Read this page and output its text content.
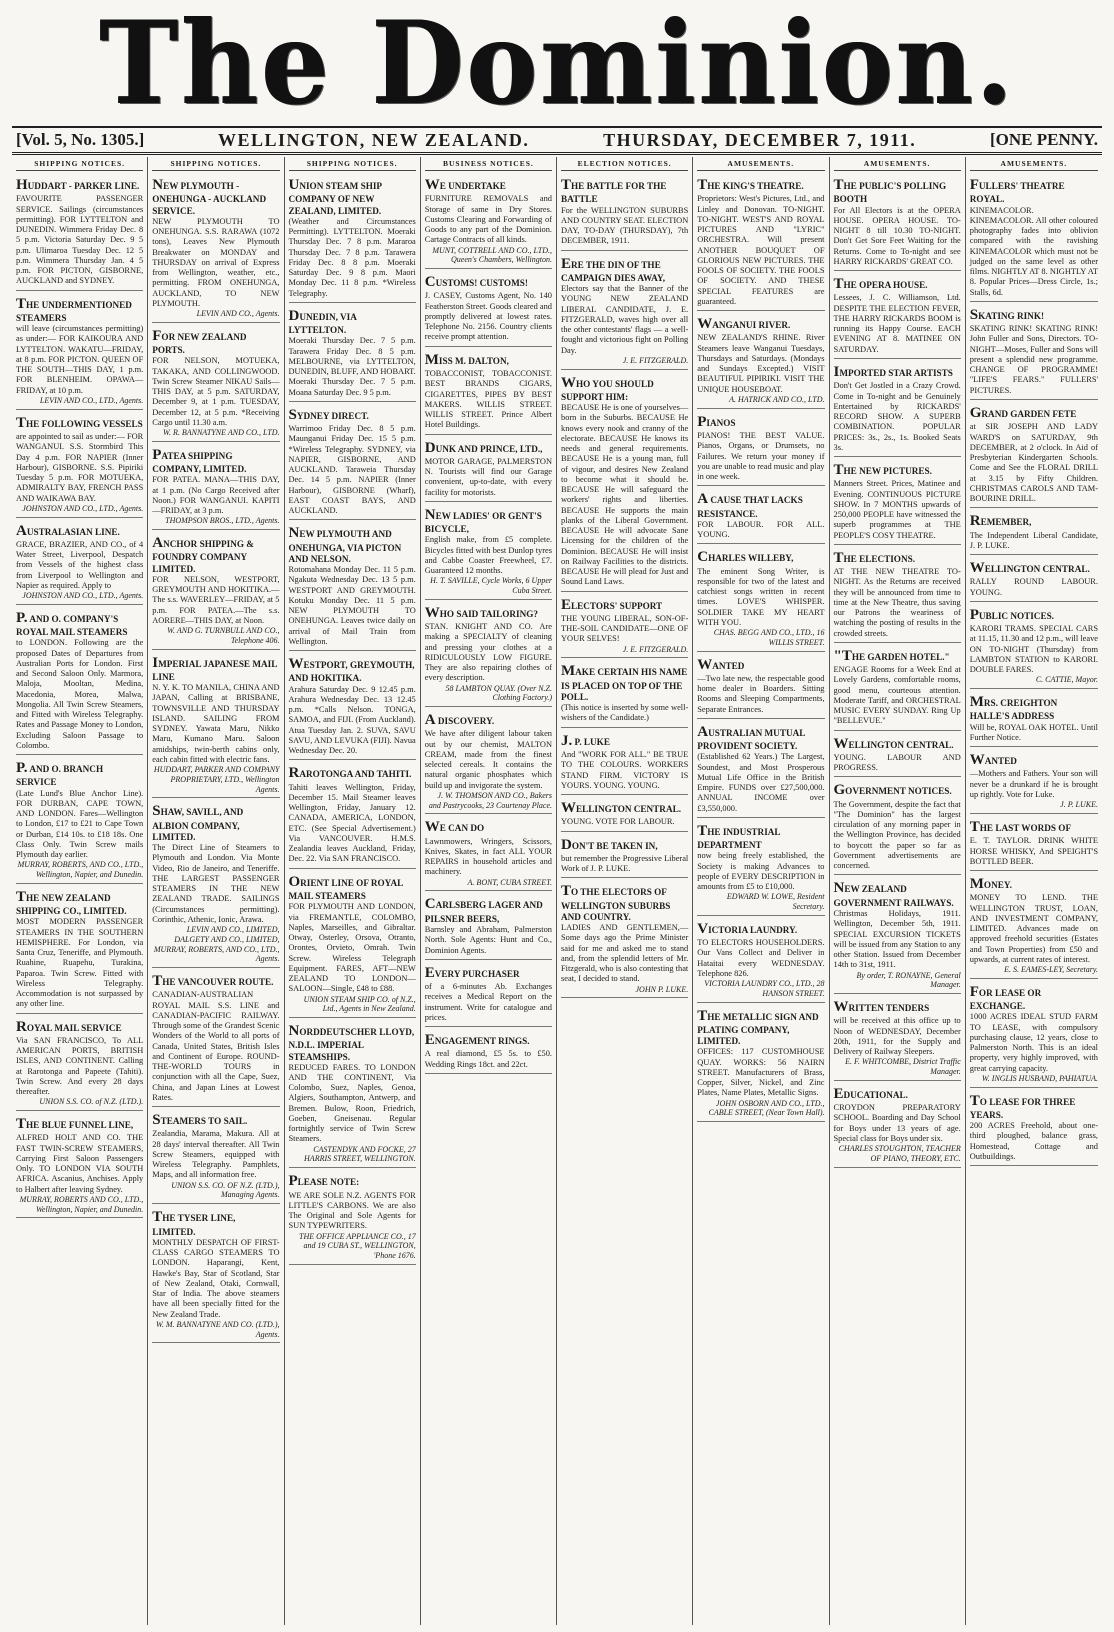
The Dominion.
[Vol. 5, No. 1305.]	WELLINGTON, NEW ZEALAND.	THURSDAY, DECEMBER 7, 1911.	[ONE PENNY.
SHIPPING NOTICES.
HUDDART - PARKER LINE.
FAVOURITE PASSENGER SERVICE. Sailings (circumstances permitting). FOR LYTTELTON and DUNEDIN. Wimmera Friday Dec. 8 5 p.m. Victoria Saturday Dec. 9 5 p.m. Ulimaroa Tuesday Dec. 12 5 p.m. Wimmera Thursday Jan. 4 5 p.m. FOR PICTON, GISBORNE, AUCKLAND and SYDNEY.
THE UNDERMENTIONED STEAMERS
will leave (circumstances permitting) as under:— FOR KAIKOURA AND LYTTELTON. WAKATU—FRIDAY, at 8 p.m. FOR PICTON. QUEEN OF THE SOUTH—THIS DAY, 1 p.m. FOR BLENHEIM. OPAWA—FRIDAY, at 10 p.m.
LEVIN AND CO., LTD., Agents.
THE FOLLOWING VESSELS
are appointed to sail as under:— FOR WANGANUI. S.S. Stormbird This Day 4 p.m. FOR NAPIER (Inner Harbour), GISBORNE. S.S. Pipiriki Tuesday 5 p.m. FOR MOTUEKA, ADMIRALTY BAY, FRENCH PASS AND WAIKAWA BAY.
JOHNSTON AND CO., LTD., Agents.
AUSTRALASIAN LINE.
GRACE, BRAZIER, AND CO., of 4 Water Street, Liverpool, Despatch from Vessels of the highest class from Liverpool to Wellington and Napier as required. Apply to
JOHNSTON AND CO., LTD., Agents.
P. AND O. COMPANY'S ROYAL MAIL STEAMERS
to LONDON. Following are the proposed Dates of Departures from Australian Ports for London. First and Second Saloon Only. Marmora, Maloja, Mooltan, Medina, Macedonia, Morea, Malwa, Mongolia. All Twin Screw Steamers, and Fitted with Wireless Telegraphy. Rates and Passage Money to London, Excluding Saloon Passage to Colombo.
P. AND O. BRANCH SERVICE
(Late Lund's Blue Anchor Line). FOR DURBAN, CAPE TOWN, AND LONDON. Fares—Wellington to London, £17 to £21 to Cape Town or Durban, £14 10s. to £18 18s. One Class Only. Twin Screw mails Plymouth day earlier.
MURRAY, ROBERTS, AND CO., LTD., Wellington, Napier, and Dunedin.
THE NEW ZEALAND SHIPPING CO., LIMITED.
MOST MODERN PASSENGER STEAMERS IN THE SOUTHERN HEMISPHERE. For London, via Santa Cruz, Teneriffe, and Plymouth. Ruahine, Ruapehu, Turakina, Paparoa. Twin Screw. Fitted with Wireless Telegraphy. Accommodation is not surpassed by any other line.
ROYAL MAIL SERVICE
Via SAN FRANCISCO, To ALL AMERICAN PORTS, BRITISH ISLES, AND CONTINENT. Calling at Rarotonga and Papeete (Tahiti). Twin Screw. And every 28 days thereafter.
UNION S.S. CO. of N.Z. (LTD.).
THE BLUE FUNNEL LINE,
ALFRED HOLT AND CO. THE FAST TWIN-SCREW STEAMERS, Carrying First Saloon Passengers Only. TO LONDON VIA SOUTH AFRICA. Ascanius, Anchises. Apply to Halbert after leaving Sydney.
MURRAY, ROBERTS AND CO., LTD., Wellington, Napier, and Dunedin.
SHIPPING NOTICES.
NEW PLYMOUTH - ONEHUNGA - AUCKLAND SERVICE.
NEW PLYMOUTH TO ONEHUNGA. S.S. RARAWA (1072 tons), Leaves New Plymouth Breakwater on MONDAY and THURSDAY on arrival of Express from Wellington, weather, etc., permitting. FROM ONEHUNGA, AUCKLAND, TO NEW PLYMOUTH.
LEVIN AND CO., Agents.
FOR NEW ZEALAND PORTS.
FOR NELSON, MOTUEKA, TAKAKA, AND COLLINGWOOD. Twin Screw Steamer NIKAU Sails— THIS DAY, at 5 p.m. SATURDAY, December 9, at 1 p.m. TUESDAY, December 12, at 5 p.m. *Receiving Cargo until 11.30 a.m.
W. R. BANNATYNE AND CO., LTD.
PATEA SHIPPING COMPANY, LIMITED.
FOR PATEA. MANA—THIS DAY, at 1 p.m. (No Cargo Received after Noon.) FOR WANGANUI. KAPITI—FRIDAY, at 3 p.m.
THOMPSON BROS., LTD., Agents.
ANCHOR SHIPPING & FOUNDRY COMPANY LIMITED.
FOR NELSON, WESTPORT, GREYMOUTH AND HOKITIKA.—The s.s. WAVERLEY—FRIDAY, at 5 p.m. FOR PATEA.—The s.s. AORERE—THIS DAY, at Noon.
W. AND G. TURNBULL AND CO., Telephone 406.
IMPERIAL JAPANESE MAIL LINE
N. Y. K. TO MANILA, CHINA AND JAPAN, Calling at BRISBANE, TOWNSVILLE AND THURSDAY ISLAND. SAILING FROM SYDNEY. Yawata Maru, Nikko Maru, Kumano Maru. Saloon amidships, twin-berth cabins only, each cabin fitted with electric fans.
HUDDART, PARKER AND COMPANY PROPRIETARY, LTD., Wellington Agents.
SHAW, SAVILL, AND ALBION COMPANY, LIMITED.
The Direct Line of Steamers to Plymouth and London. Via Monte Video, Rio de Janeiro, and Teneriffe. THE LARGEST PASSENGER STEAMERS IN THE NEW ZEALAND TRADE. SAILINGS (Circumstances permitting). Corinthic, Athenic, Ionic, Arawa.
LEVIN AND CO., LIMITED, DALGETY AND CO., LIMITED, MURRAY, ROBERTS, AND CO., LTD., Agents.
THE VANCOUVER ROUTE.
CANADIAN-AUSTRALIAN ROYAL MAIL S.S. LINE and CANADIAN-PACIFIC RAILWAY. Through some of the Grandest Scenic Wonders of the World to all ports of Canada, United States, British Isles and Continent of Europe. ROUND-THE-WORLD TOURS in conjunction with all the Cape, Suez, China, and Japan Lines at Lowest Rates.
STEAMERS TO SAIL.
Zealandia, Marama, Makura. All at 28 days' interval thereafter. All Twin Screw Steamers, equipped with Wireless Telegraphy. Pamphlets, Maps, and all information free.
UNION S.S. CO. OF N.Z. (LTD.), Managing Agents.
THE TYSER LINE, LIMITED.
MONTHLY DESPATCH OF FIRST-CLASS CARGO STEAMERS TO LONDON. Haparangi, Kent, Hawke's Bay, Star of Scotland, Star of New Zealand, Otaki, Cornwall, Star of India. The above steamers have all been specially fitted for the New Zealand Trade.
W. M. BANNATYNE AND CO. (LTD.), Agents.
SHIPPING NOTICES.
UNION STEAM SHIP COMPANY OF NEW ZEALAND, LIMITED.
(Weather and Circumstances Permitting). LYTTELTON. Moeraki Thursday Dec. 7 8 p.m. Mararoa Thursday Dec. 7 8 p.m. Tarawera Friday Dec. 8 8 p.m. Moeraki Saturday Dec. 9 8 p.m. Maori Monday Dec. 11 8 p.m. *Wireless Telegraphy.
DUNEDIN, VIA LYTTELTON.
Moeraki Thursday Dec. 7 5 p.m. Tarawera Friday Dec. 8 5 p.m. MELBOURNE, via LYTTELTON, DUNEDIN, BLUFF, AND HOBART. Moeraki Thursday Dec. 7 5 p.m. Moana Saturday Dec. 9 5 p.m.
SYDNEY DIRECT.
Warrimoo Friday Dec. 8 5 p.m. Maunganui Friday Dec. 15 5 p.m. *Wireless Telegraphy. SYDNEY, via NAPIER, GISBORNE, AND AUCKLAND. Taraweia Thursday Dec. 14 5 p.m. NAPIER (Inner Harbour), GISBORNE (Wharf), EAST COAST BAYS, AND AUCKLAND.
NEW PLYMOUTH AND ONEHUNGA, VIA PICTON AND NELSON.
Rotomahana Monday Dec. 11 5 p.m. Ngakuta Wednesday Dec. 13 5 p.m. WESTPORT AND GREYMOUTH. Kotuku Monday Dec. 11 5 p.m. NEW PLYMOUTH TO ONEHUNGA. Leaves twice daily on arrival of Mail Train from Wellington.
WESTPORT, GREYMOUTH, AND HOKITIKA.
Arahura Saturday Dec. 9 12.45 p.m. Arahura Wednesday Dec. 13 12.45 p.m. *Calls Nelson. TONGA, SAMOA, and FIJI. (From Auckland). Atua Tuesday Jan. 2. SUVA, SAVU SAVU, AND LEVUKA (FIJI). Navua Wednesday Dec. 20.
RAROTONGA AND TAHITI.
Tahiti leaves Wellington, Friday, December 15. Mail Steamer leaves Wellington, Friday, January 12. CANADA, AMERICA, LONDON, ETC. (See Special Advertisement.) Via VANCOUVER. H.M.S. Zealandia leaves Auckland, Friday, Dec. 22. Via SAN FRANCISCO.
ORIENT LINE OF ROYAL MAIL STEAMERS
FOR PLYMOUTH AND LONDON, via FREMANTLE, COLOMBO, Naples, Marseilles, and Gibraltar. Otway, Osterley, Orsova, Otranto, Orontes, Orvieto, Omrah. Twin Screw. Wireless Telegraph Equipment. FARES, AFT—NEW ZEALAND TO LONDON—SALOON—Single, £48 to £88.
UNION STEAM SHIP CO. of N.Z., Ltd., Agents in New Zealand.
NORDDEUTSCHER LLOYD, N.D.L. IMPERIAL STEAMSHIPS.
REDUCED FARES. TO LONDON AND THE CONTINENT, Via Colombo, Suez, Naples, Genoa, Algiers, Southampton, Antwerp, and Bremen. Bulow, Roon, Friedrich, Goeben, Gneisenau. Regular fortnightly service of Twin Screw Steamers.
CASTENDYK AND FOCKE, 27 HARRIS STREET, WELLINGTON.
PLEASE NOTE:
WE ARE SOLE N.Z. AGENTS FOR LITTLE'S CARBONS. We are also The Original and Sole Agents for SUN TYPEWRITERS.
THE OFFICE APPLIANCE CO., 17 and 19 CUBA ST., WELLINGTON, 'Phone 1676.
BUSINESS NOTICES.
WE UNDERTAKE
FURNITURE REMOVALS and Storage of same in Dry Stores. Customs Clearing and Forwarding of Goods to any part of the Dominion. Cartage Contracts of all kinds.
MUNT, COTTRELL AND CO., LTD., Queen's Chambers, Wellington.
CUSTOMS! CUSTOMS!
J. CASEY, Customs Agent, No. 140 Featherston Street. Goods cleared and promptly delivered at lowest rates. Telephone No. 2156. Country clients receive prompt attention.
MISS M. DALTON,
TOBACCONIST, TOBACCONIST. BEST BRANDS CIGARS, CIGARETTES, PIPES BY BEST MAKERS. WILLIS STREET. WILLIS STREET. Prince Albert Hotel Buildings.
DUNK AND PRINCE, LTD.,
MOTOR GARAGE, PALMERSTON N. Tourists will find our Garage convenient, up-to-date, with every facility for motorists.
NEW LADIES' OR GENT'S BICYCLE,
English make, from £5 complete. Bicycles fitted with best Dunlop tyres and Cabbe Coaster Freewheel, £7. Guaranteed 12 months.
H. T. SAVILLE, Cycle Works, 6 Upper Cuba Street.
WHO SAID TAILORING?
STAN. KNIGHT AND CO. Are making a SPECIALTY of cleaning and pressing your clothes at a RIDICULOUSLY LOW FIGURE. They are also repairing clothes of every description.
58 LAMBTON QUAY. (Over N.Z. Clothing Factory.)
A DISCOVERY.
We have after diligent labour taken out by our chemist, MALTON CREAM, made from the finest selected cereals. It contains the natural organic phosphates which build up and invigorate the system.
J. W. THOMSON AND CO., Bakers and Pastrycooks, 23 Courtenay Place.
WE CAN DO
Lawnmowers, Wringers, Scissors, Knives, Skates, in fact ALL YOUR REPAIRS in household articles and machinery.
A. BONT, CUBA STREET.
CARLSBERG LAGER AND PILSNER BEERS,
Barnsley and Abraham, Palmerston North. Sole Agents: Hunt and Co., Dominion Agents.
EVERY PURCHASER
of a 6-minutes Ab. Exchanges receives a Medical Report on the instrument. Write for catalogue and prices.
ENGAGEMENT RINGS.
A real diamond, £5 5s. to £50. Wedding Rings 18ct. and 22ct.
ELECTION NOTICES.
THE BATTLE FOR THE BATTLE
For the WELLINGTON SUBURBS AND COUNTRY SEAT. ELECTION DAY, TO-DAY (THURSDAY), 7th DECEMBER, 1911.
ERE THE DIN OF THE CAMPAIGN DIES AWAY,
Electors say that the Banner of the YOUNG NEW ZEALAND LIBERAL CANDIDATE, J. E. FITZGERALD, waves high over all the other contestants' flags — a well-fought and victorious fight on Polling Day.
J. E. FITZGERALD.
WHO YOU SHOULD SUPPORT HIM:
BECAUSE He is one of yourselves—born in the Suburbs. BECAUSE He knows every nook and cranny of the electorate. BECAUSE He knows its needs and general requirements. BECAUSE He is a young man, full of vigour, and desires New Zealand to become what it should be. BECAUSE He will safeguard the workers' rights and liberties. BECAUSE He supports the main planks of the Liberal Government. BECAUSE He will advocate Sane Licensing for the children of the Dominion. BECAUSE He will insist on Railway Facilities to the districts. BECAUSE He will plead for Just and Sound Land Laws.
ELECTORS' SUPPORT
THE YOUNG LIBERAL, SON-OF-THE-SOIL CANDIDATE—ONE OF YOUR SELVES!
J. E. FITZGERALD.
MAKE CERTAIN HIS NAME IS PLACED ON TOP OF THE POLL.
(This notice is inserted by some well-wishers of the Candidate.)
J. P. LUKE
And "WORK FOR ALL." BE TRUE TO THE COLOURS. WORKERS STAND FIRM. VICTORY IS YOURS. YOUNG. YOUNG.
WELLINGTON CENTRAL.
YOUNG. VOTE FOR LABOUR.
DON'T BE TAKEN IN,
but remember the Progressive Liberal Work of J. P. LUKE.
TO THE ELECTORS OF WELLINGTON SUBURBS AND COUNTRY.
LADIES AND GENTLEMEN,— Some days ago the Prime Minister said for me and asked me to stand and, from the splendid letters of Mr. Fitzgerald, who is also contesting that seat, I decided to stand.
JOHN P. LUKE.
AMUSEMENTS.
THE KING'S THEATRE.
Proprietors: West's Pictures, Ltd., and Linley and Donovan. TO-NIGHT. TO-NIGHT. WEST'S AND ROYAL PICTURES AND "LYRIC" ORCHESTRA. Will present ANOTHER BOUQUET OF GLORIOUS NEW PICTURES. THE FOOLS OF SOCIETY. THE FOOLS OF SOCIETY. AND THESE SPECIAL FEATURES are guaranteed.
WANGANUI RIVER.
NEW ZEALAND'S RHINE. River Steamers leave Wanganui Tuesdays, Thursdays and Saturdays. (Mondays and Sundays Excepted.) VISIT BEAUTIFUL PIPIRIKI. VISIT THE UNIQUE HOUSEBOAT.
A. HATRICK AND CO., LTD.
PIANOS
PIANOS! THE BEST VALUE. Pianos, Organs, or Drumsets, no Failures. We return your money if you are unable to read music and play in one week.
A CAUSE THAT LACKS RESISTANCE.
FOR LABOUR. FOR ALL. YOUNG.
CHARLES WILLEBY,
The eminent Song Writer, is responsible for two of the latest and catchiest songs written in recent times. LOVE'S WHISPER. SOLDIER TAKE MY HEART WITH YOU.
CHAS. BEGG AND CO., LTD., 16 WILLIS STREET.
WANTED
—Two late new, the respectable good home dealer in Boarders. Sitting Rooms and Sleeping Compartments, Separate Entrances.
AUSTRALIAN MUTUAL PROVIDENT SOCIETY.
(Established 62 Years.) The Largest, Soundest, and Most Prosperous Mutual Life Office in the British Empire. FUNDS over £27,500,000. ANNUAL INCOME over £3,550,000.
THE INDUSTRIAL DEPARTMENT
now being freely established, the Society is making Advances to people of EVERY DESCRIPTION in amounts from £5 to £10,000.
EDWARD W. LOWE, Resident Secretary.
VICTORIA LAUNDRY.
TO ELECTORS HOUSEHOLDERS. Our Vans Collect and Deliver in Hataitai every WEDNESDAY. Telephone 826.
VICTORIA LAUNDRY CO., LTD., 28 HANSON STREET.
THE METALLIC SIGN AND PLATING COMPANY, LIMITED.
OFFICES: 117 CUSTOMHOUSE QUAY. WORKS: 56 NAIRN STREET. Manufacturers of Brass, Copper, Silver, Nickel, and Zinc Plates, Name Plates, Metallic Signs.
JOHN OSBORN AND CO., LTD., CABLE STREET, (Near Town Hall).
AMUSEMENTS.
THE PUBLIC'S POLLING BOOTH
For All Electors is at the OPERA HOUSE. OPERA HOUSE. TO-NIGHT 8 till 10.30 TO-NIGHT. Don't Get Sore Feet Waiting for the Returns. Come to To-night and see HARRY RICKARDS' GREAT CO.
THE OPERA HOUSE.
Lessees, J. C. Williamson, Ltd. DESPITE THE ELECTION FEVER, THE HARRY RICKARDS BOOM is running its Happy Course. EACH EVENING AT 8. MATINEE ON SATURDAY.
IMPORTED STAR ARTISTS
Don't Get Jostled in a Crazy Crowd. Come in To-night and be Genuinely Entertained by RICKARDS' RECORD SHOW. A SUPERB COMBINATION. POPULAR PRICES: 3s., 2s., 1s. Booked Seats 3s.
THE NEW PICTURES.
Manners Street. Prices, Matinee and Evening. CONTINUOUS PICTURE SHOW. In 7 MONTHS upwards of 250,000 PEOPLE have witnessed the superb programmes at THE PEOPLE'S COSY THEATRE.
THE ELECTIONS.
AT THE NEW THEATRE TO-NIGHT. As the Returns are received they will be announced from time to time at the New Theatre, thus saving our Patrons the weariness of watching the posting of results in the crowded streets.
"THE GARDEN HOTEL."
ENGAGE Rooms for a Week End at Lovely Gardens, comfortable rooms, good menu, courteous attention. Moderate Tariff, and ORCHESTRAL MUSIC EVERY SUNDAY. Ring Up "BELLEVUE."
WELLINGTON CENTRAL.
YOUNG. LABOUR AND PROGRESS.
GOVERNMENT NOTICES.
The Government, despite the fact that "The Dominion" has the largest circulation of any morning paper in the Wellington Province, has decided to boycott the paper so far as Government advertisements are concerned.
NEW ZEALAND GOVERNMENT RAILWAYS.
Christmas Holidays, 1911. Wellington, December 5th, 1911. SPECIAL EXCURSION TICKETS will be issued from any Station to any other Station. Issued from December 14th to 31st, 1911.
By order, T. RONAYNE, General Manager.
WRITTEN TENDERS
will be received at this office up to Noon of WEDNESDAY, December 20th, 1911, for the Supply and Delivery of Railway Sleepers.
E. F. WHITCOMBE, District Traffic Manager.
EDUCATIONAL.
CROYDON PREPARATORY SCHOOL. Boarding and Day School for Boys under 13 years of age. Special class for Boys under six.
CHARLES STOUGHTON, TEACHER OF PIANO, THEORY, ETC.
AMUSEMENTS.
FULLERS' THEATRE ROYAL.
KINEMACOLOR. KINEMACOLOR. All other coloured photography fades into oblivion compared with the ravishing KINEMACOLOR which must not be judged on the same level as other films. NIGHTLY AT 8. NIGHTLY AT 8. Popular Prices—Dress Circle, 1s.; Stalls, 6d.
SKATING RINK!
SKATING RINK! SKATING RINK! John Fuller and Sons, Directors. TO-NIGHT—Moses, Fuller and Sons will present a splendid new programme. CHANGE OF PROGRAMME! "LIFE'S FEARS." FULLERS' PICTURES.
GRAND GARDEN FETE
at SIR JOSEPH AND LADY WARD'S on SATURDAY, 9th DECEMBER, at 2 o'clock. In Aid of Presbyterian Kindergarten Schools. Come and See the FLORAL DRILL at 3.15 by Fifty Children. CHRISTMAS CAROLS AND TAM-BOURINE DRILL.
REMEMBER,
The Independent Liberal Candidate, J. P. LUKE.
WELLINGTON CENTRAL.
RALLY ROUND LABOUR. YOUNG.
PUBLIC NOTICES.
KARORI TRAMS. SPECIAL CARS at 11.15, 11.30 and 12 p.m., will leave ON TO-NIGHT (Thursday) from LAMBTON STATION to KARORI. DOUBLE FARES.
C. CATTIE, Mayor.
MRS. CREIGHTON HALLE'S ADDRESS
Will be, ROYAL OAK HOTEL. Until Further Notice.
WANTED
—Mothers and Fathers. Your son will never be a drunkard if he is brought up rightly. Vote for Luke.
J. P. LUKE.
THE LAST WORDS OF
E. T. TAYLOR. DRINK WHITE HORSE WHISKY, And SPEIGHT'S BOTTLED BEER.
MONEY.
MONEY TO LEND. THE WELLINGTON TRUST, LOAN, AND INVESTMENT COMPANY, LIMITED. Advances made on approved freehold securities (Estates and Town Properties) from £50 and upwards, at current rates of interest.
E. S. EAMES-LEY, Secretary.
FOR LEASE OR EXCHANGE.
1000 ACRES IDEAL STUD FARM TO LEASE, with compulsory purchasing clause, 12 years, close to Palmerston North. This is an ideal property, very highly improved, with great carrying capacity.
W. INGLIS HUSBAND, PAHIATUA.
TO LEASE FOR THREE YEARS.
200 ACRES Freehold, about one-third ploughed, balance grass, Homestead, Cottage and Outbuildings.
